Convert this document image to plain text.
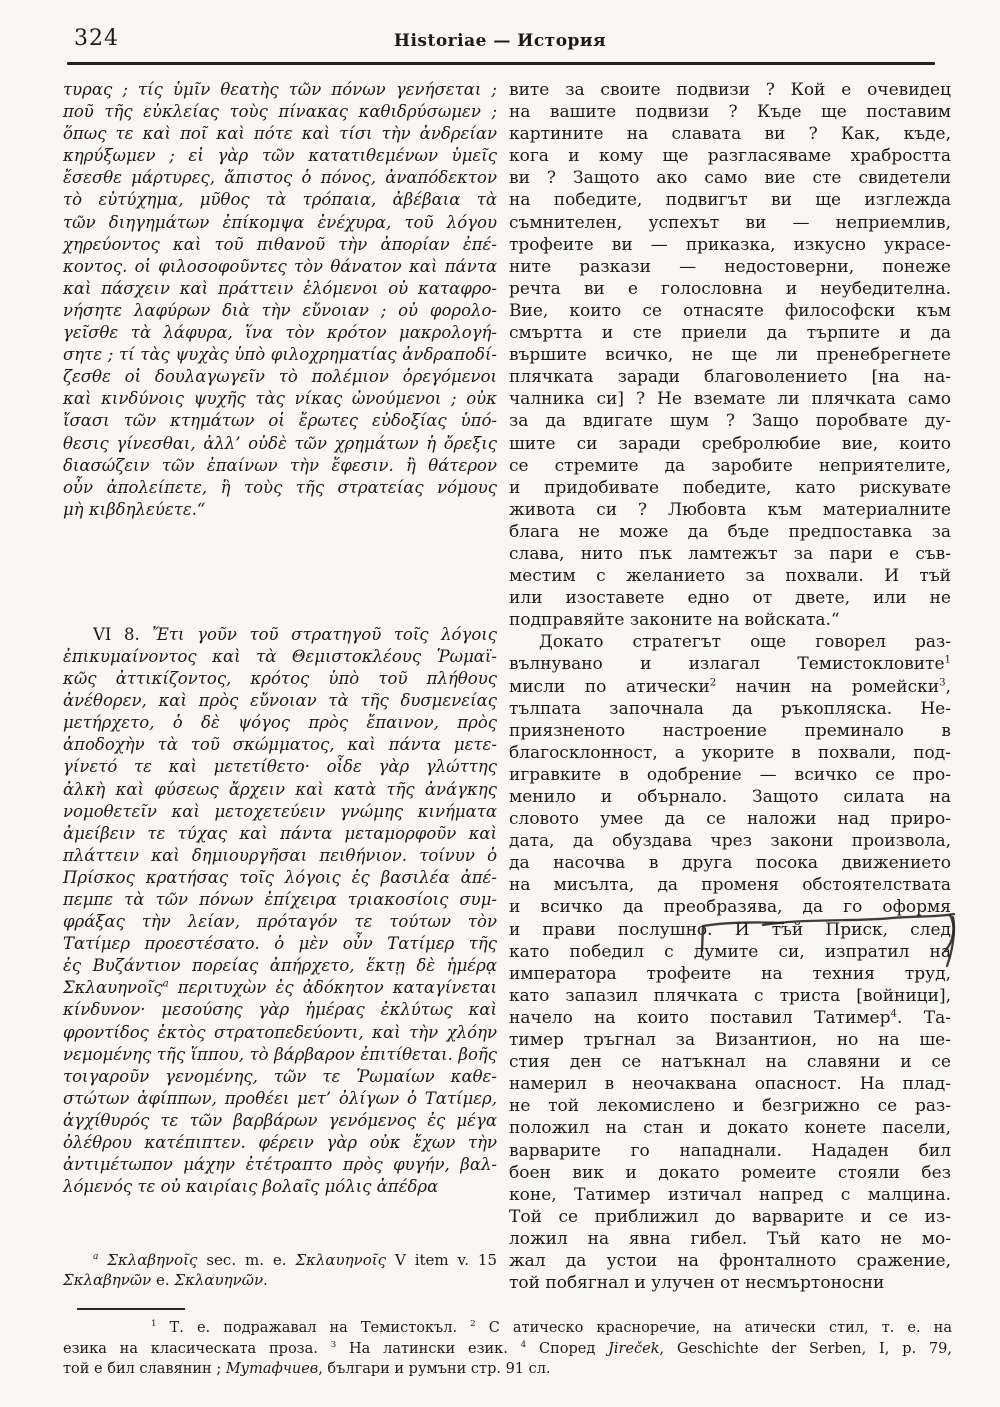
324	Historiae — История
τυρας ; τίς ὑμῖν θεατὴς τῶν πόνων γενήσεται ;
ποῦ τῆς εὐκλείας τοὺς πίνακας καθιδρύσωμεν ;
ὅπως τε καὶ ποῖ καὶ πότε καὶ τίσι τὴν ἀνδρείαν
κηρύξωμεν ; εἰ γὰρ τῶν κατατιθεμένων ὑμεῖς
ἔσεσθε μάρτυρες, ἄπιστος ὁ πόνος, ἀναπόδεκτον
τὸ εὐτύχημα, μῦθος τὰ τρόπαια, ἀβέβαια τὰ
τῶν διηγημάτων ἐπίκομψα ἐνέχυρα, τοῦ λόγου
χηρεύοντος καὶ τοῦ πιθανοῦ τὴν ἀπορίαν ἐπέ-
κοντος. οἱ φιλοσοφοῦντες τὸν θάνατον καὶ πάντα
καὶ πάσχειν καὶ πράττειν ἑλόμενοι οὐ καταφρο-
νήσητε λαφύρων διὰ τὴν εὔνοιαν ; οὐ φορολο-
γεῖσθε τὰ λάφυρα, ἵνα τὸν κρότον μακρολογή-
σητε ; τί τὰς ψυχὰς ὑπὸ φιλοχρηματίας ἀνδραποδί-
ζεσθε οἱ δουλαγωγεῖν τὸ πολέμιον ὀρεγόμενοι
καὶ κινδύνοις ψυχῆς τὰς νίκας ὠνούμενοι ; οὐκ
ἴσασι τῶν κτημάτων οἱ ἔρωτες εὐδοξίας ὑπό-
θεσις γίνεσθαι, ἀλλ’ οὐδὲ τῶν χρημάτων ἡ ὄρεξις
διασώζειν τῶν ἐπαίνων τὴν ἔφεσιν. ἢ θάτερον
οὖν ἀπολείπετε, ἢ τοὺς τῆς στρατείας νόμους
μὴ κιβδηλεύετε.“
VI 8. Ἔτι γοῦν τοῦ στρατηγοῦ τοῖς λόγοις
ἐπικυμαίνοντος καὶ τὰ Θεμιστοκλέους Ῥωμαϊ-
κῶς ἀττικίζοντος, κρότος ὑπὸ τοῦ πλήθους
ἀνέθορεν, καὶ πρὸς εὔνοιαν τὰ τῆς δυσμενείας
μετήρχετο, ὁ δὲ ψόγος πρὸς ἔπαινον, πρὸς
ἀποδοχὴν τὰ τοῦ σκώμματος, καὶ πάντα μετε-
γίνετό τε καὶ μετετίθετο· οἶδε γὰρ γλώττης
ἀλκὴ καὶ φύσεως ἄρχειν καὶ κατὰ τῆς ἀνάγκης
νομοθετεῖν καὶ μετοχετεύειν γνώμης κινήματα
ἀμείβειν τε τύχας καὶ πάντα μεταμορφοῦν καὶ
πλάττειν καὶ δημιουργῆσαι πειθήνιον. τοίνυν ὁ
Πρίσκος κρατήσας τοῖς λόγοις ἐς βασιλέα ἀπέ-
πεμπε τὰ τῶν πόνων ἐπίχειρα τριακοσίοις συμ-
φράξας τὴν λείαν, πρόταγόν τε τούτων τὸν
Τατίμερ προεστέσατο. ὁ μὲν οὖν Τατίμερ τῆς
ἐς Βυζάντιον πορείας ἀπήρχετο, ἕκτῃ δὲ ἡμέρᾳ
Σκλαυηνοῖς$^a$ περιτυχὼν ἐς ἀδόκητον καταγίνεται
κίνδυνον· μεσούσης γὰρ ἡμέρας ἐκλύτως καὶ
φροντίδος ἐκτὸς στρατοπεδεύοντι, καὶ τὴν χλόην
νεμομένης τῆς ἵππου, τὸ βάρβαρον ἐπιτίθεται. βοῆς
τοιγαροῦν γενομένης, τῶν τε Ῥωμαίων καθε-
στώτων ἀφίππων, προθέει μετ’ ὀλίγων ὁ Τατίμερ,
ἀγχίθυρός τε τῶν βαρβάρων γενόμενος ἐς μέγα
ὀλέθρου κατέπιπτεν. φέρειν γὰρ οὐκ ἔχων τὴν
ἀντιμέτωπον μάχην ἐτέτραπτο πρὸς φυγήν, βαλ-
λόμενός τε οὐ καιρίαις βολαῖς μόλις ἀπέδρα
$^a$ Σκλαβηνοῖς sec. m. e. Σκλαυηνοῖς V item v. 15
Σκλαβηνῶν e. Σκλαυηνῶν.
вите за своите подвизи ? Кой е очевидец
на вашите подвизи ? Къде ще поставим
картините на славата ви ? Как, къде,
кога и кому ще разгласяваме храбростта
ви ? Защото ако само вие сте свидетели
на победите, подвигът ви ще изглежда
съмнителен, успехът ви — неприемлив,
трофеите ви — приказка, изкусно украсе-
ните разкази — недостоверни, понеже
речта ви е голословна и неубедителна.
Вие, които се отнасяте философски към
смъртта и сте приели да търпите и да
вършите всичко, не ще ли пренебрегнете
плячката заради благоволението [на на-
чалника си] ? Не вземате ли плячката само
за да вдигате шум ? Защо поробвате ду-
шите си заради сребролюбие вие, които
се стремите да заробите неприятелите,
и придобивате победите, като рискувате
живота си ? Любовта към материалните
блага не може да бъде предпоставка за
слава, нито пък ламтежът за пари е съв-
местим с желанието за похвали. И тъй
или изоставете едно от двете, или не
подправяйте законите на войската.“
Докато стратегът още говорел раз-
вълнувано и излагал Темистокловите$^1$
мисли по атически$^2$ начин на ромейски$^3$,
тълпата започнала да ръкопляска. Не-
приязненото настроение преминало в
благосклонност, а укорите в похвали, под-
игравките в одобрение — всичко се про-
менило и обърнало. Защото силата на
словото умее да се наложи над приро-
дата, да обуздава чрез закони произвола,
да насочва в друга посока движението
на мисълта, да променя обстоятелствата
и всичко да преобразява, да го оформя
и прави послушно. И тъй Приск, след
като победил с думите си, изпратил на
императора трофеите на техния труд,
като запазил плячката с триста [войници],
начело на които поставил Татимер$^4$. Та-
тимер тръгнал за Византион, но на ше-
стия ден се натъкнал на славяни и се
намерил в неочаквана опасност. На плад-
не той лекомислено и безгрижно се раз-
положил на стан и докато конете пасели,
варварите го нападнали. Нададен бил
боен вик и докато ромеите стояли без
коне, Татимер изтичал напред с малцина.
Той се приближил до варварите и се из-
ложил на явна гибел. Тъй като не мо-
жал да устои на фронталното сражение,
той побягнал и улучен от несмъртоносни
$^1$ Т. е. подражавал на Темистокъл. $^2$ С атическо красноречие, на атически стил, т. е. на
езика на класическата проза. $^3$ На латински език. $^4$ Според Jireček, Geschichte der Serben, I, p. 79,
той е бил славянин ; Мутафчиев, българи и румъни стр. 91 сл.
